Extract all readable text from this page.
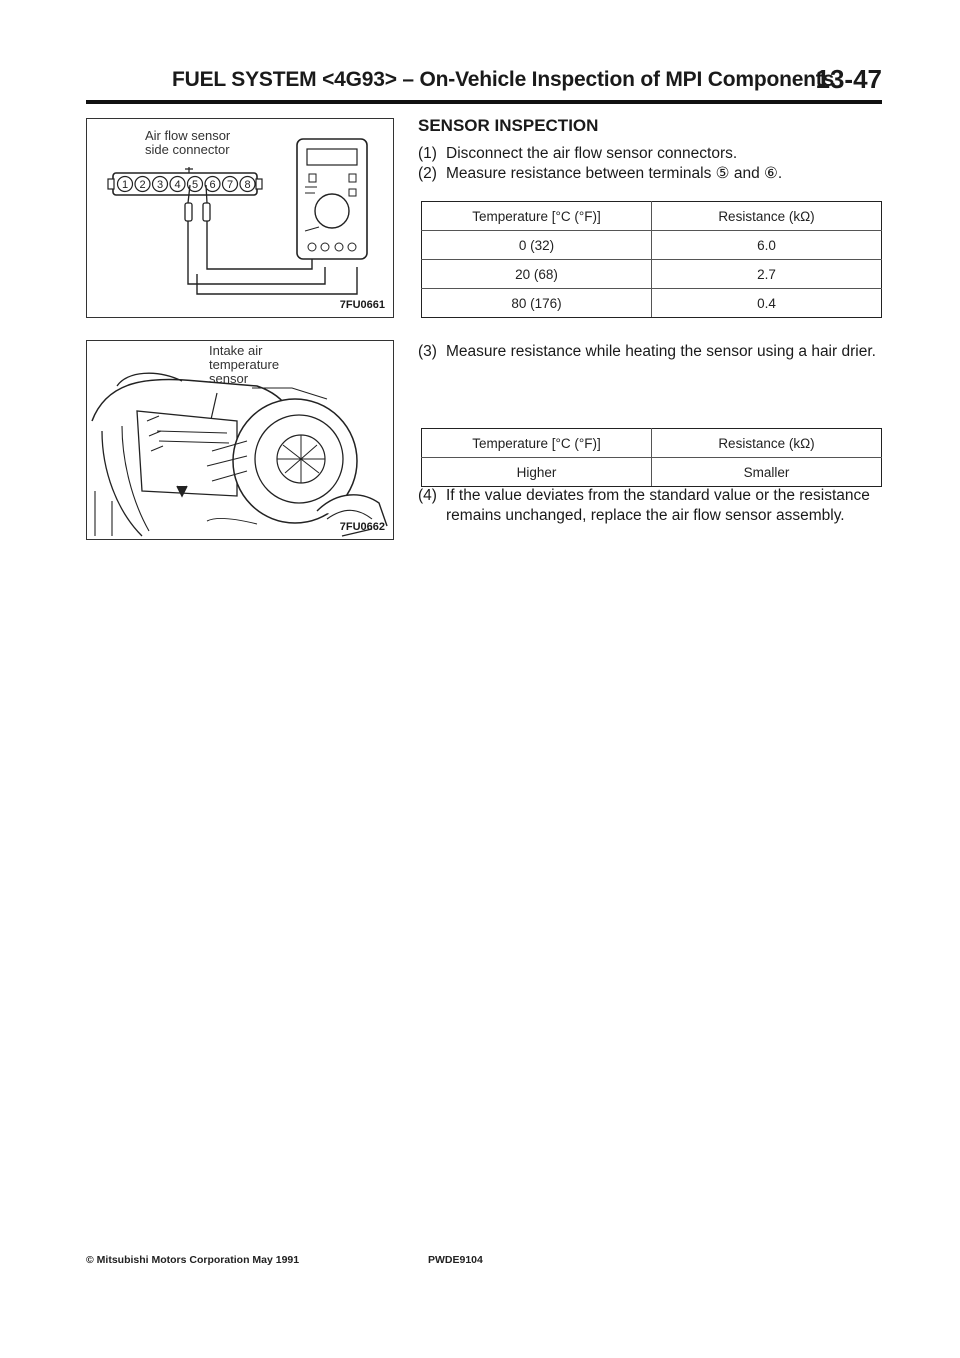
FUEL SYSTEM <4G93> – On-Vehicle Inspection of MPI Components
13-47
Air flow sensor
side connector
1 2 3 4 5 6 7 8
7FU0661
Intake air
temperature
sensor
7FU0662
SENSOR INSPECTION
(1) Disconnect the air flow sensor connectors.
(2) Measure resistance between terminals ⑤ and ⑥.
Temperature [°C (°F)]	Resistance (kΩ)
0 (32)	6.0
20 (68)	2.7
80 (176)	0.4
(3) Measure resistance while heating the sensor using a hair drier.
Temperature [°C (°F)]	Resistance (kΩ)
Higher	Smaller
(4) If the value deviates from the standard value or the resistance remains unchanged, replace the air flow sensor assembly.
© Mitsubishi Motors Corporation May 1991	PWDE9104
